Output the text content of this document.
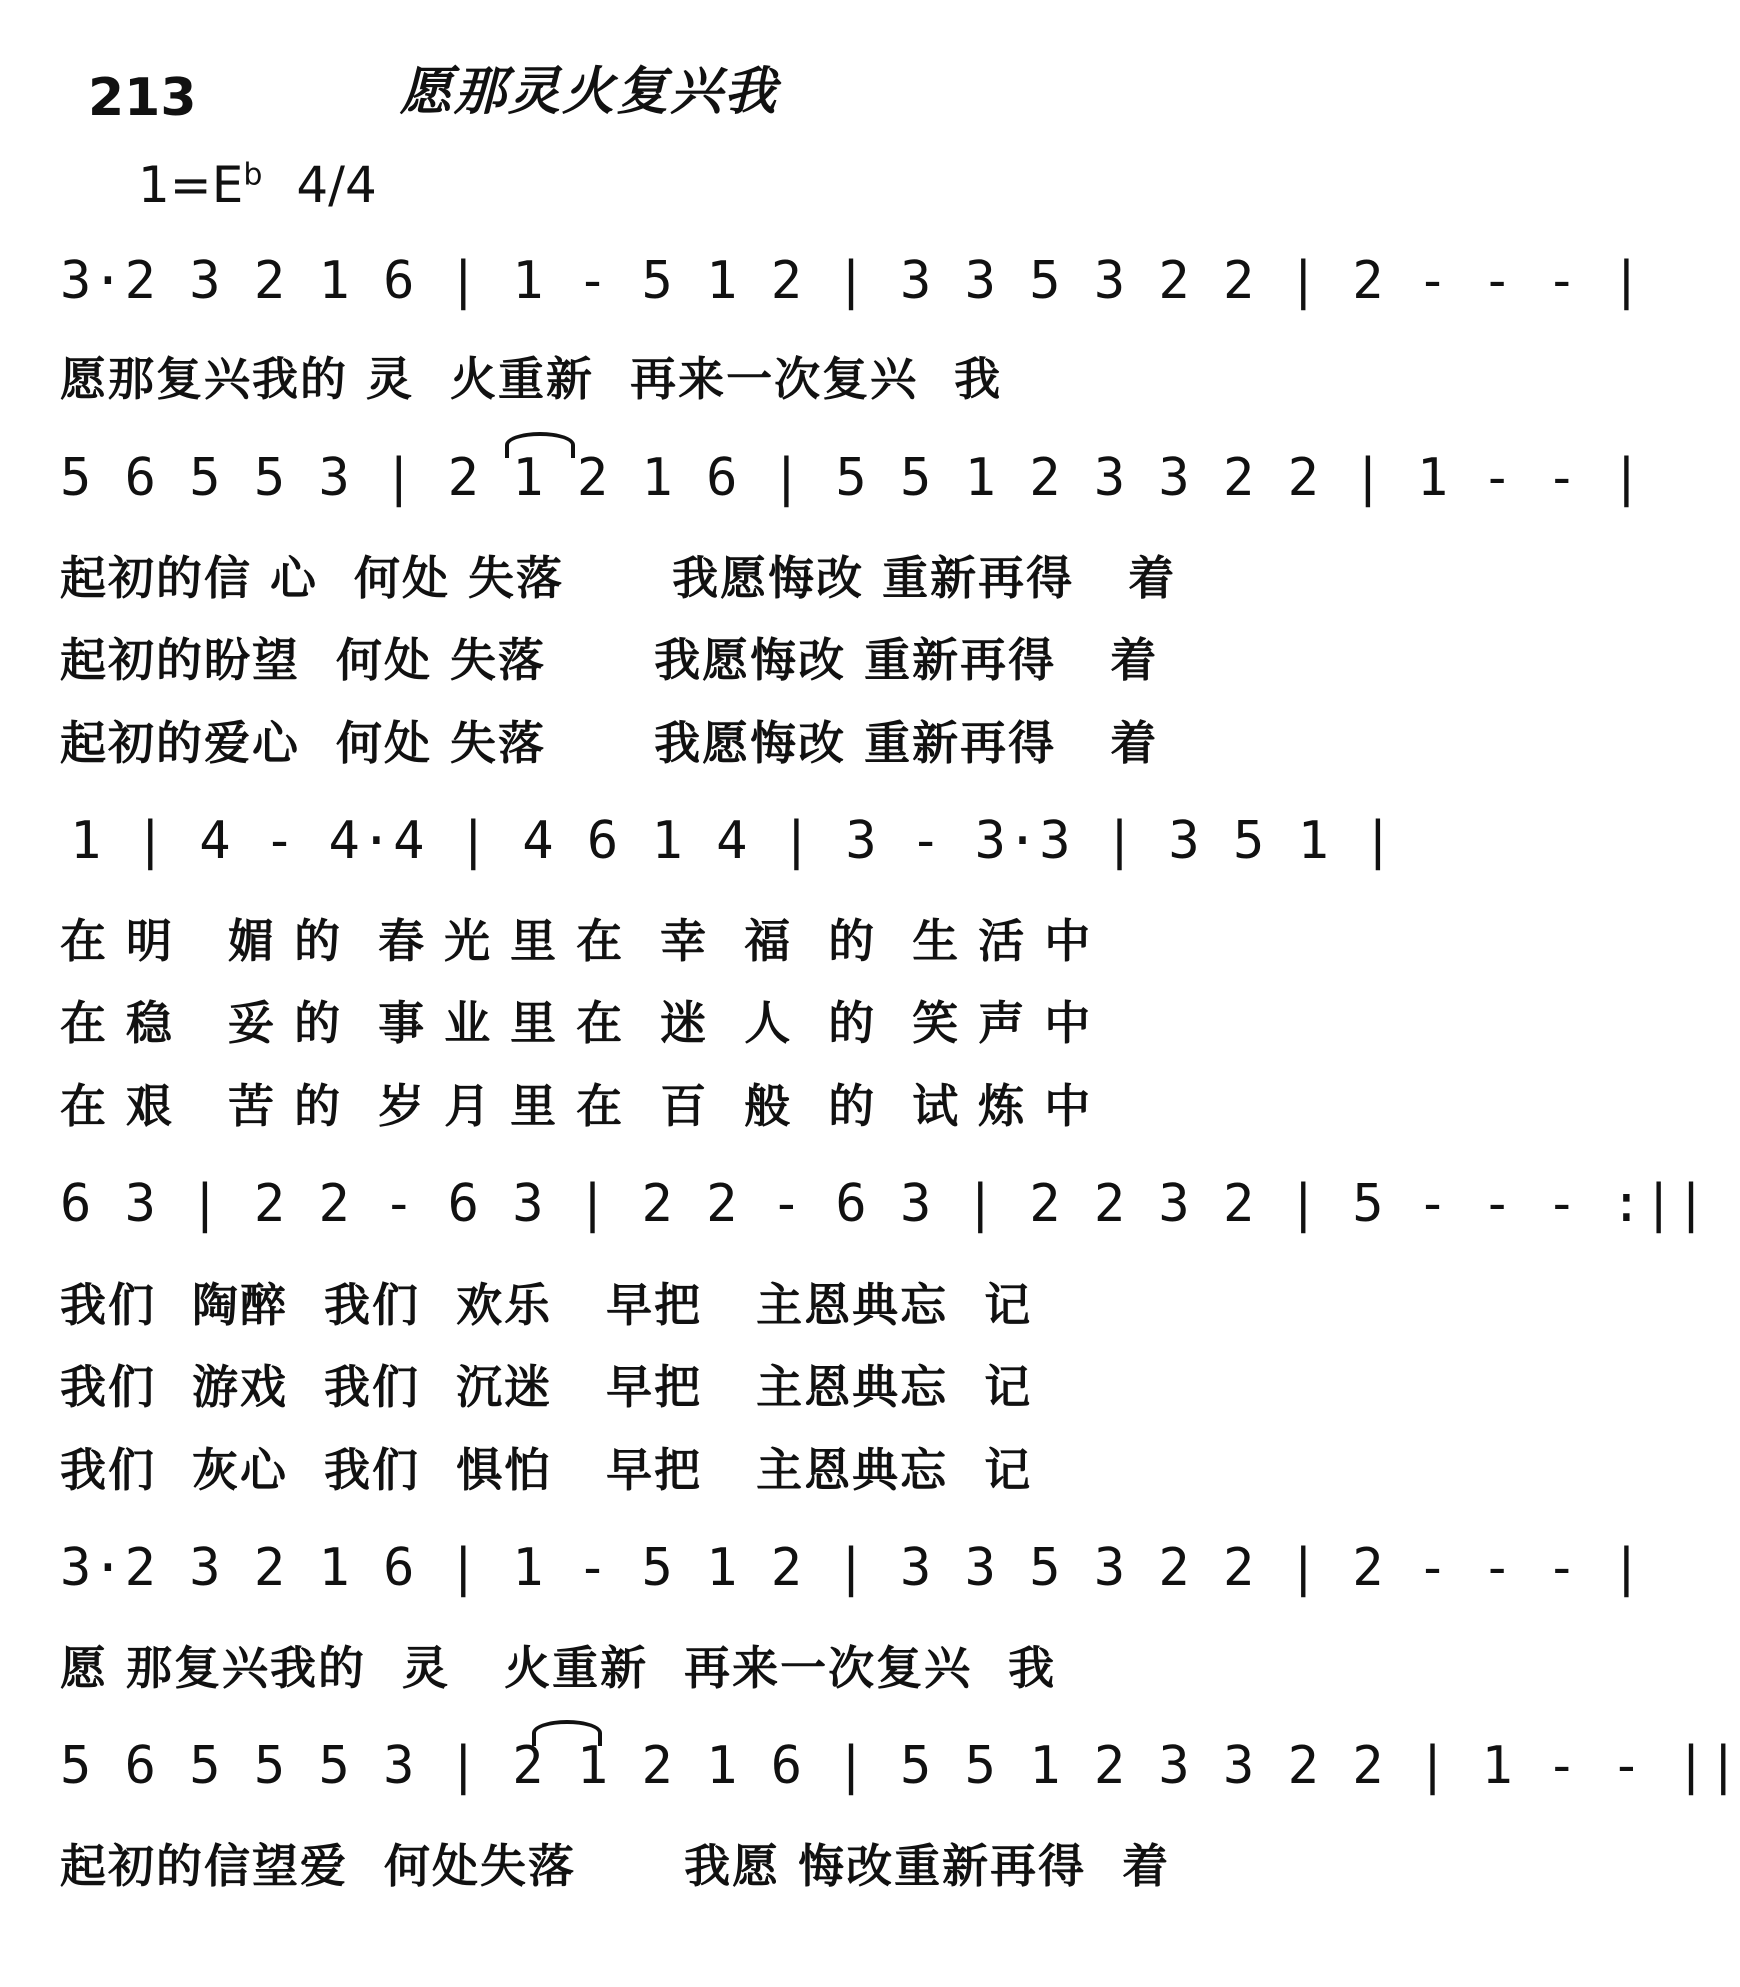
213	愿那灵火复兴我
$1=E^b$ 4/4
3·2 3 2 1 6 | 1 - 5 1 2 | 3 3 5 3 2 2 | 2 - - - |
愿那复兴我的 灵  火重新  再来一次复兴  我
5 6 5 5 3 | 2 1 2 1 6 | 5 5 1 2 3 3 2 2 | 1 - - |
起初的信 心  何处 失落      我愿悔改 重新再得   着
起初的盼望  何处 失落      我愿悔改 重新再得   着
起初的爱心  何处 失落      我愿悔改 重新再得   着
1 | 4 - 4·4 | 4 6 1 4 | 3 - 3·3 | 3 5 1 |
在 明   媚 的  春 光 里 在  幸  福  的  生 活 中
在 稳   妥 的  事 业 里 在  迷  人  的  笑 声 中
在 艰   苦 的  岁 月 里 在  百  般  的  试 炼 中
6 3 | 2 2 - 6 3 | 2 2 - 6 3 | 2 2 3 2 | 5 - - - :||
我们  陶醉  我们  欢乐   早把   主恩典忘  记
我们  游戏  我们  沉迷   早把   主恩典忘  记
我们  灰心  我们  惧怕   早把   主恩典忘  记
3·2 3 2 1 6 | 1 - 5 1 2 | 3 3 5 3 2 2 | 2 - - - |
愿 那复兴我的  灵   火重新  再来一次复兴  我
5 6 5 5 5 3 | 2 1 2 1 6 | 5 5 1 2 3 3 2 2 | 1 - - ||
起初的信望爱  何处失落      我愿 悔改重新再得  着
